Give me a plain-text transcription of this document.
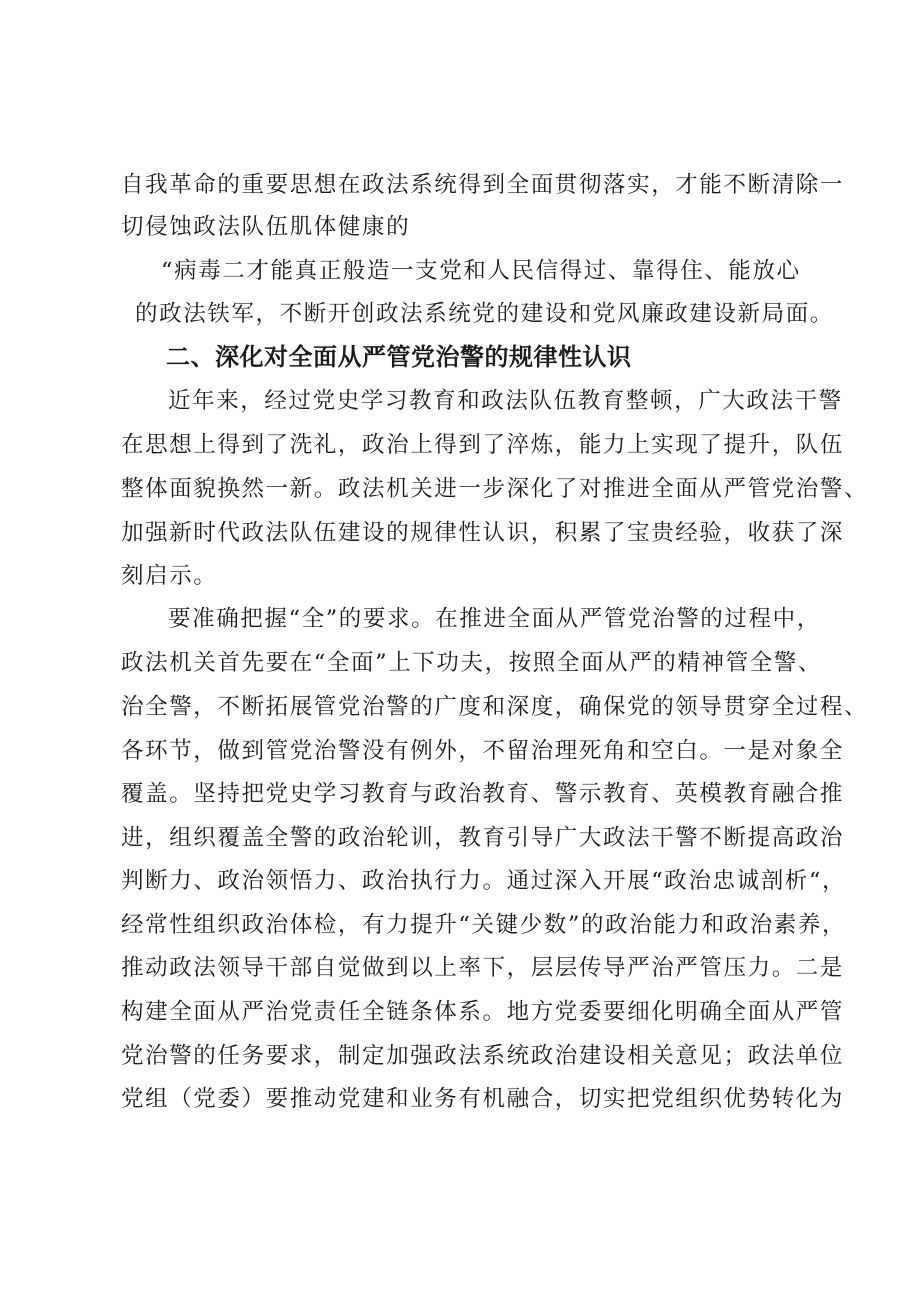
自我革命的重要思想在政法系统得到全面贯彻落实，才能不断清除一
切侵蚀政法队伍肌体健康的
“病毒二才能真正般造一支党和人民信得过、靠得住、能放心
的政法铁军，不断开创政法系统党的建设和党风廉政建设新局面。
二、深化对全面从严管党治警的规律性认识
近年来，经过党史学习教育和政法队伍教育整顿，广大政法干警
在思想上得到了洗礼，政治上得到了淬炼，能力上实现了提升，队伍
整体面貌换然一新。政法机关进一步深化了对推进全面从严管党治警、
加强新时代政法队伍建设的规律性认识，积累了宝贵经验，收获了深
刻启示。
要准确把握“全”的要求。在推进全面从严管党治警的过程中，
政法机关首先要在“全面”上下功夫，按照全面从严的精神管全警、
治全警，不断拓展管党治警的广度和深度，确保党的领导贯穿全过程、
各环节，做到管党治警没有例外，不留治理死角和空白。一是对象全
覆盖。坚持把党史学习教育与政治教育、警示教育、英模教育融合推
进，组织覆盖全警的政治轮训，教育引导广大政法干警不断提高政治
判断力、政治领悟力、政治执行力。通过深入开展“政治忠诚剖析“，
经常性组织政治体检，有力提升“关键少数”的政治能力和政治素养，
推动政法领导干部自觉做到以上率下，层层传导严治严管压力。二是
构建全面从严治党责任全链条体系。地方党委要细化明确全面从严管
党治警的任务要求，制定加强政法系统政治建设相关意见；政法单位
党组（党委）要推动党建和业务有机融合，切实把党组织优势转化为
